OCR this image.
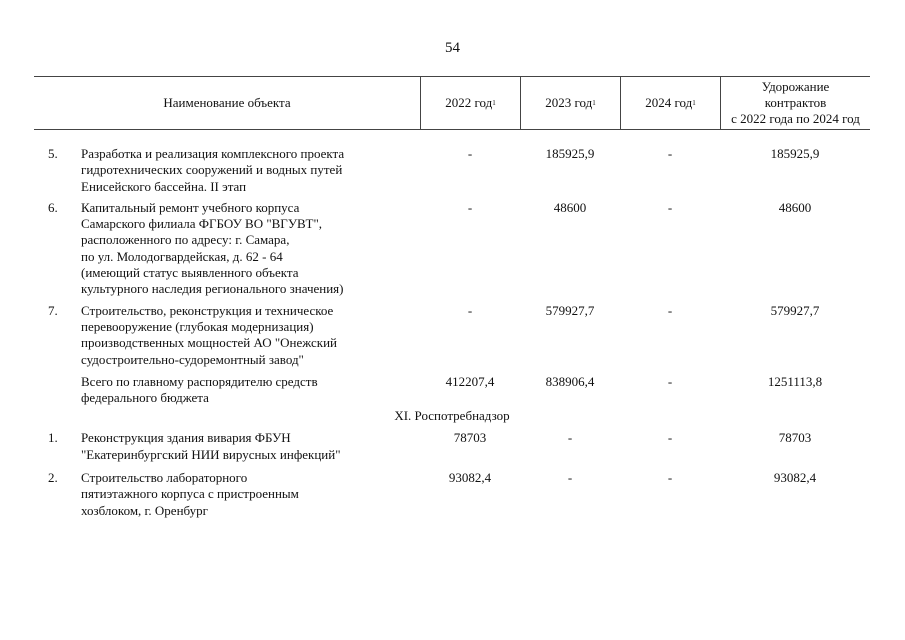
54
Наименование объекта	2022 год 1	2023 год 1	2024 год 1
Удорожание
контрактов
с 2022 года по 2024 год
5. Разработка и реализация комплексного проекта
гидротехнических сооружений и водных путей
Енисейского бассейна. II этап
-	185925,9	-	185925,9
6. Капитальный ремонт учебного корпуса
Самарского филиала ФГБОУ ВО "ВГУВТ",
расположенного по адресу: г. Самара,
по ул. Молодогвардейская, д. 62 - 64
(имеющий статус выявленного объекта
культурного наследия регионального значения)
-	48600	-	48600
7. Строительство, реконструкция и техническое
перевооружение (глубокая модернизация)
производственных мощностей АО "Онежский
судостроительно-судоремонтный завод"
-	579927,7	-	579927,7
Всего по главному распорядителю средств
федерального бюджета
412207,4	838906,4	-	1251113,8
XI. Роспотребнадзор
1. Реконструкция здания вивария ФБУН
"Екатеринбургский НИИ вирусных инфекций"
78703	-	-	78703
2. Строительство лабораторного
пятиэтажного корпуса с пристроенным
хозблоком, г. Оренбург
93082,4	-	-	93082,4
